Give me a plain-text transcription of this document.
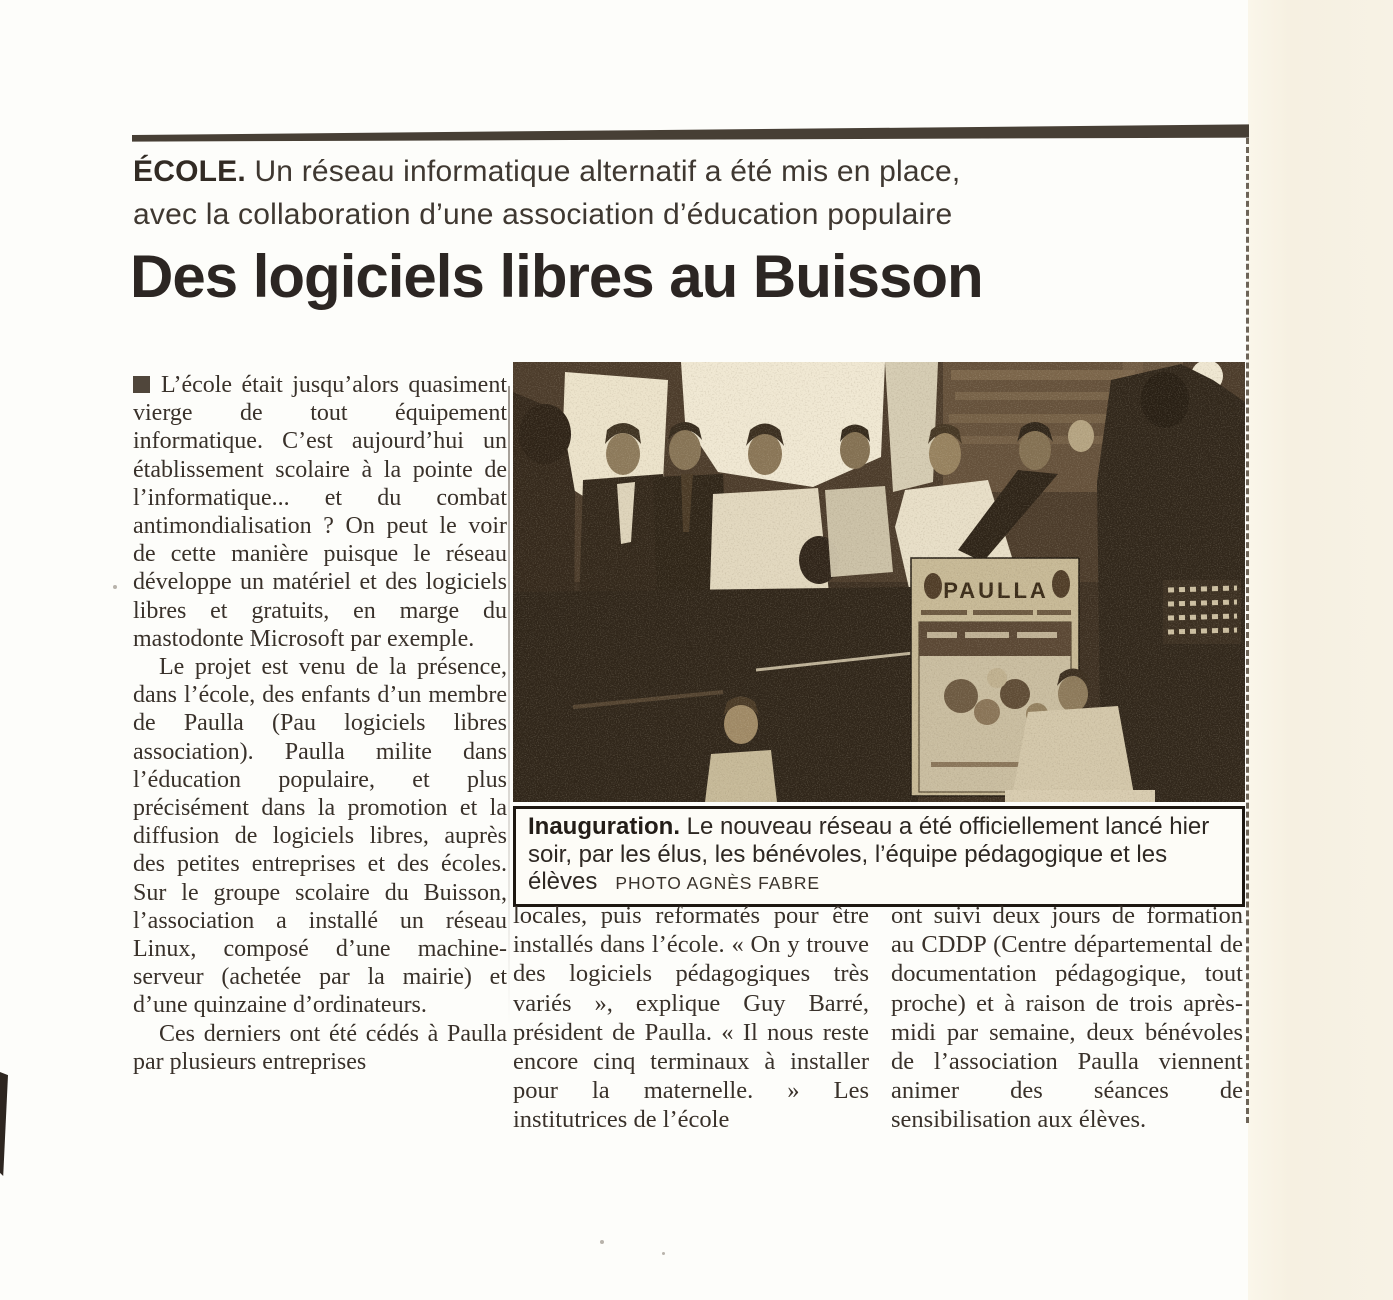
ÉCOLE. Un réseau informatique alternatif a été mis en place,
avec la collaboration d’une association d’éducation populaire
Des logiciels libres au Buisson

L’école était jusqu’alors quasiment vierge de tout équipement informatique. C’est aujourd’hui un établissement scolaire à la pointe de l’informatique... et du combat antimondialisation ? On peut le voir de cette manière puisque le réseau développe un matériel et des logiciels libres et gratuits, en marge du mastodonte Microsoft par exemple.

Le projet est venu de la présence, dans l’école, des enfants d’un membre de Paulla (Pau logiciels libres association). Paulla milite dans l’éducation populaire, et plus précisément dans la promotion et la diffusion de logiciels libres, auprès des petites entreprises et des écoles. Sur le groupe scolaire du Buisson, l’association a installé un réseau Linux, composé d’une machine-serveur (achetée par la mairie) et d’une quinzaine d’ordinateurs.

Ces derniers ont été cédés à Paulla par plusieurs entreprises

PAULLA
Inauguration. Le nouveau réseau a été officiellement lancé hier soir, par les élus, les bénévoles, l’équipe pédagogique et les élèves PHOTO AGNÈS FABRE

locales, puis reformatés pour être installés dans l’école. « On y trouve des logiciels pédagogiques très variés », explique Guy Barré, président de Paulla. « Il nous reste encore cinq terminaux à installer pour la maternelle. » Les institutrices de l’école

ont suivi deux jours de formation au CDDP (Centre départemental de documentation pédagogique, tout proche) et à raison de trois après-midi par semaine, deux bénévoles de l’association Paulla viennent animer des séances de sensibilisation aux élèves.
